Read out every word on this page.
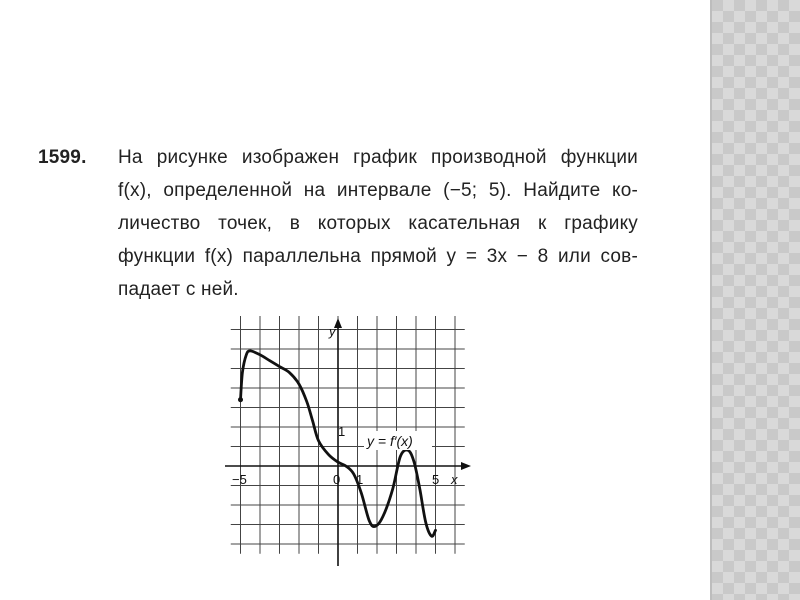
1599. На рисунке изображен график производной функции
f(x), определенной на интервале (−5; 5). Найдите ко-
личество точек, в которых касательная к графику
функции f(x) параллельна прямой y = 3x − 8 или сов-
падает с ней.
y
x
−5	0 1	5
1
y = f′(x)
